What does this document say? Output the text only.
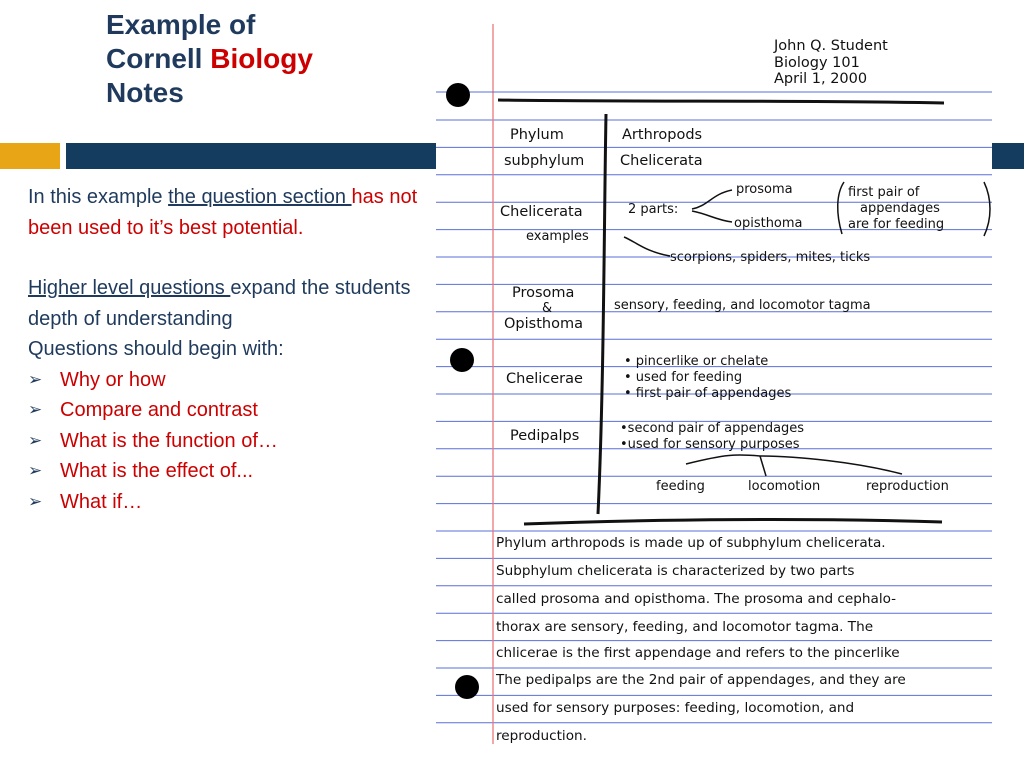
Example of
Cornell Biology
Notes

In this example the question section has not been used to it’s best potential.

Higher level questions expand the students depth of understanding

Questions should begin with:

➢ Why or how
➢ Compare and contrast
➢ What is the function of…
➢ What is the effect of...
➢ What if…
John Q. Student
Biology 101
April 1, 2000
Phylum
subphylum
Chelicerata
examples
Prosoma
&
Opisthoma
Chelicerae
Pedipalps
Arthropods
Chelicerata
2 parts:
prosoma
opisthoma
first pair of
appendages
are for feeding
scorpions, spiders, mites, ticks
sensory, feeding, and locomotor tagma
• pincerlike or chelate
• used for feeding
• first pair of appendages
•second pair of appendages
•used for sensory purposes
feeding	locomotion	reproduction
Phylum arthropods is made up of subphylum chelicerata.
Subphylum chelicerata is characterized by two parts
called prosoma and opisthoma. The prosoma and cephalo-
thorax are sensory, feeding, and locomotor tagma. The
chlicerae is the first appendage and refers to the pincerlike
The pedipalps are the 2nd pair of appendages, and they are
used for sensory purposes: feeding, locomotion, and
reproduction.
